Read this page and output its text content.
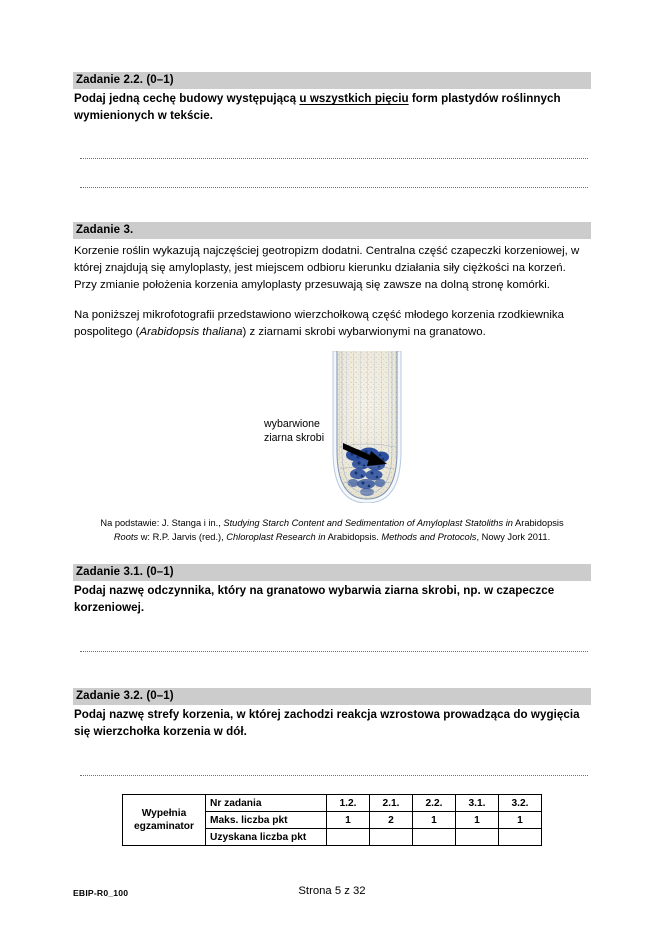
Zadanie 2.2. (0–1)

Podaj jedną cechę budowy występującą u wszystkich pięciu form plastydów roślinnych wymienionych w tekście.

Zadanie 3.

Korzenie roślin wykazują najczęściej geotropizm dodatni. Centralna część czapeczki korzeniowej, w której znajdują się amyloplasty, jest miejscem odbioru kierunku działania siły ciężkości na korzeń. Przy zmianie położenia korzenia amyloplasty przesuwają się zawsze na dolną stronę komórki.

Na poniższej mikrofotografii przedstawiono wierzchołkową część młodego korzenia rzodkiewnika pospolitego (Arabidopsis thaliana) z ziarnami skrobi wybarwionymi na granatowo.

wybarwione
ziarna skrobi

Na podstawie: J. Stanga i in., Studying Starch Content and Sedimentation of Amyloplast Statoliths in Arabidopsis Roots w: R.P. Jarvis (red.), Chloroplast Research in Arabidopsis. Methods and Protocols, Nowy Jork 2011.

Zadanie 3.1. (0–1)

Podaj nazwę odczynnika, który na granatowo wybarwia ziarna skrobi, np. w czapeczce korzeniowej.

Zadanie 3.2. (0–1)

Podaj nazwę strefy korzenia, w której zachodzi reakcja wzrostowa prowadząca do wygięcia się wierzchołka korzenia w dół.

Wypełnia
egzaminator	Nr zadania	1.2.	2.1.	2.2.	3.1.	3.2.
	Maks. liczba pkt	1	2	1	1	1
	Uzyskana liczba pkt					
EBIP-R0_100	Strona 5 z 32
